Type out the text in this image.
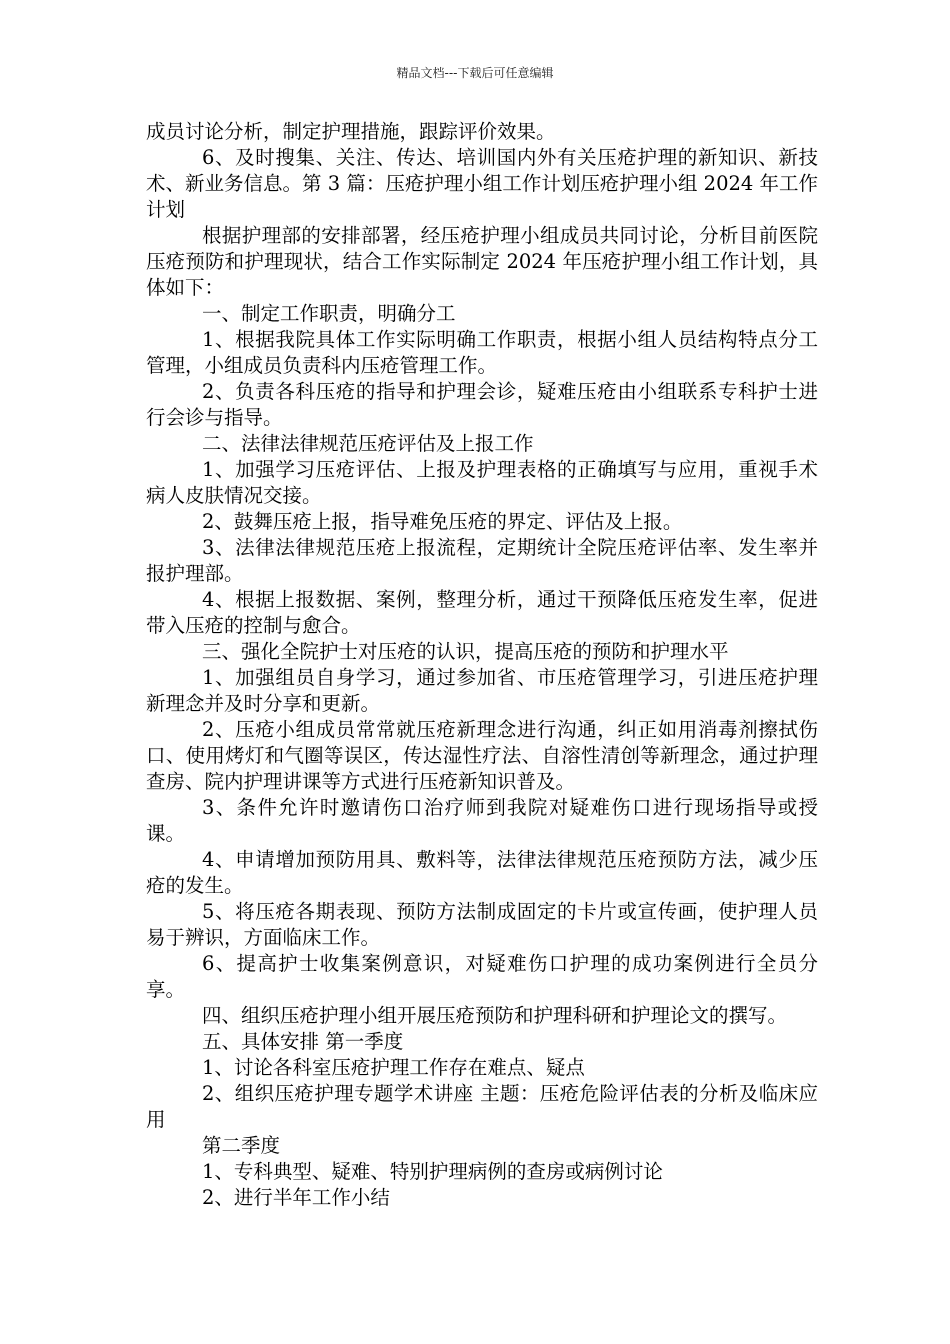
精品文档---下载后可任意编辑

成员讨论分析，制定护理措施，跟踪评价效果。

6、及时搜集、关注、传达、培训国内外有关压疮护理的新知识、新技术、新业务信息。第 3 篇：压疮护理小组工作计划压疮护理小组 2024 年工作计划

根据护理部的安排部署，经压疮护理小组成员共同讨论，分析目前医院压疮预防和护理现状，结合工作实际制定 2024 年压疮护理小组工作计划，具体如下：

一、制定工作职责，明确分工

1、根据我院具体工作实际明确工作职责，根据小组人员结构特点分工管理，小组成员负责科内压疮管理工作。

2、负责各科压疮的指导和护理会诊，疑难压疮由小组联系专科护士进行会诊与指导。

二、法律法律规范压疮评估及上报工作

1、加强学习压疮评估、上报及护理表格的正确填写与应用，重视手术病人皮肤情况交接。

2、鼓舞压疮上报，指导难免压疮的界定、评估及上报。

3、法律法律规范压疮上报流程，定期统计全院压疮评估率、发生率并报护理部。

4、根据上报数据、案例，整理分析，通过干预降低压疮发生率，促进带入压疮的控制与愈合。

三、强化全院护士对压疮的认识，提高压疮的预防和护理水平

1、加强组员自身学习，通过参加省、市压疮管理学习，引进压疮护理新理念并及时分享和更新。

2、压疮小组成员常常就压疮新理念进行沟通，纠正如用消毒剂擦拭伤口、使用烤灯和气圈等误区，传达湿性疗法、自溶性清创等新理念，通过护理查房、院内护理讲课等方式进行压疮新知识普及。

3、条件允许时邀请伤口治疗师到我院对疑难伤口进行现场指导或授课。

4、申请增加预防用具、敷料等，法律法律规范压疮预防方法，减少压疮的发生。

5、将压疮各期表现、预防方法制成固定的卡片或宣传画，使护理人员易于辨识，方面临床工作。

6、提高护士收集案例意识，对疑难伤口护理的成功案例进行全员分享。

四、组织压疮护理小组开展压疮预防和护理科研和护理论文的撰写。

五、具体安排 第一季度

1、讨论各科室压疮护理工作存在难点、疑点

2、组织压疮护理专题学术讲座 主题：压疮危险评估表的分析及临床应用

第二季度

1、专科典型、疑难、特别护理病例的查房或病例讨论

2、进行半年工作小结
